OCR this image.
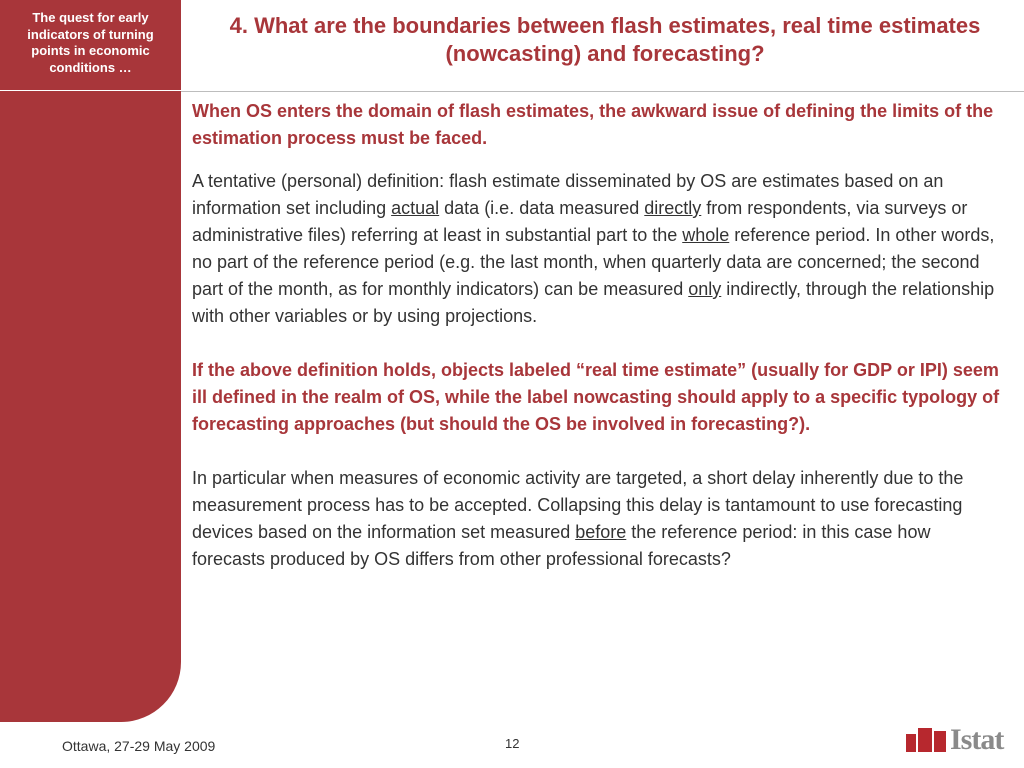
The quest for early indicators of turning points in economic conditions …
4. What are the boundaries between flash estimates, real time estimates (nowcasting) and forecasting?

When OS enters the domain of flash estimates, the awkward issue of defining the limits of the estimation process must be faced.

A tentative (personal) definition: flash estimate disseminated by OS are estimates based on an information set including actual data (i.e. data measured directly from respondents, via surveys or administrative files) referring at least in substantial part to the whole reference period. In other words, no part of the reference period (e.g. the last month, when quarterly data are concerned; the second part of the month, as for monthly indicators) can be measured only indirectly, through the relationship with other variables or by using projections.

If the above definition holds, objects labeled “real time estimate” (usually for GDP or IPI) seem ill defined in the realm of OS, while the label nowcasting should apply to a specific typology of forecasting approaches (but should the OS be involved in forecasting?).

In particular when measures of economic activity are targeted, a short delay inherently due to the measurement process has to be accepted. Collapsing this delay is tantamount to use forecasting devices based on the information set measured before the reference period: in this case how forecasts produced by OS differs from other professional forecasts?

Ottawa, 27-29 May 2009	12	Istat
